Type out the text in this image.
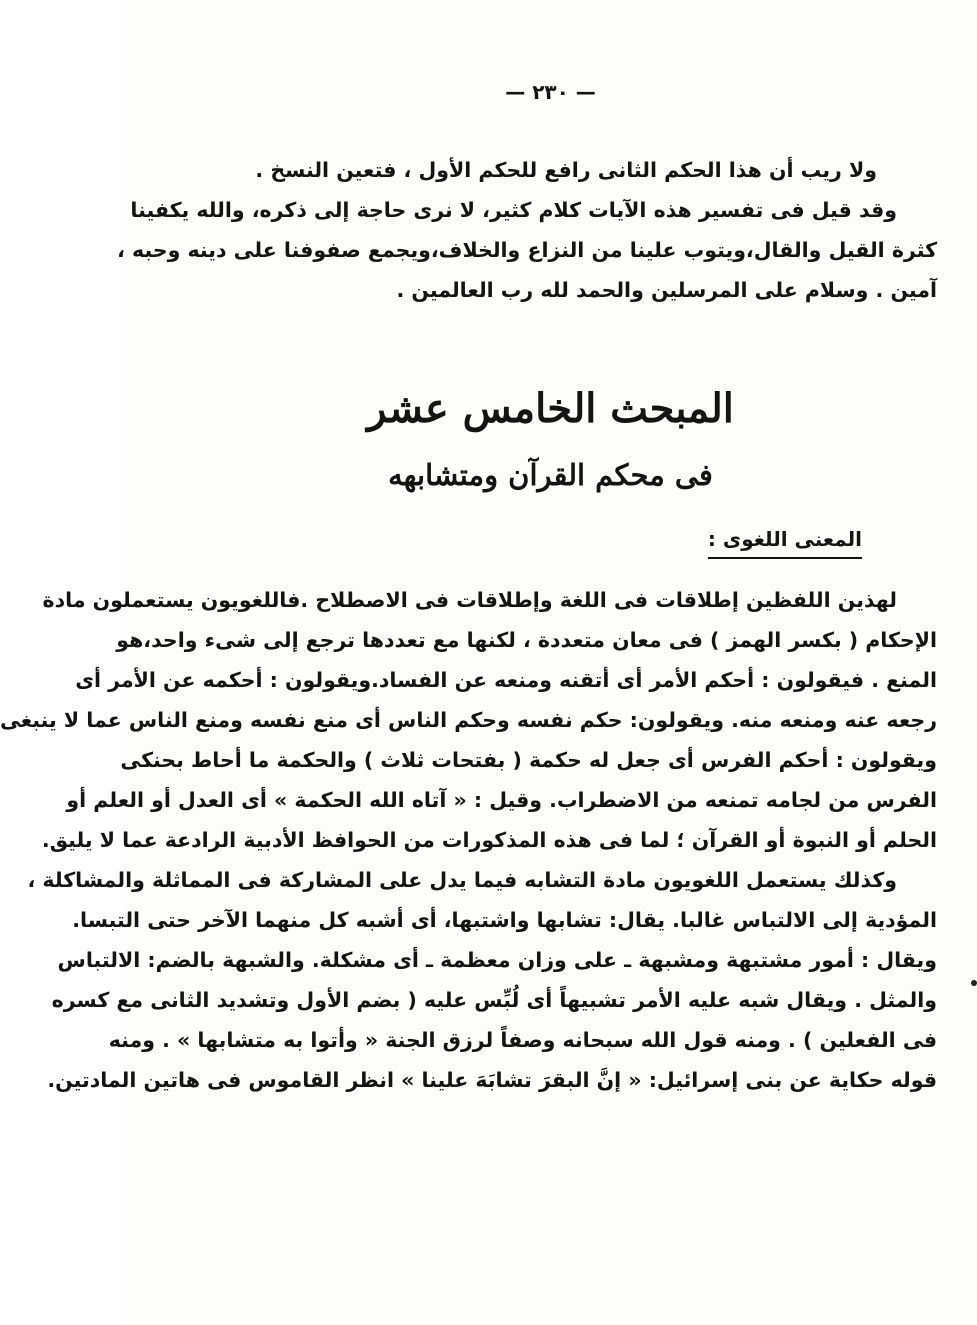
— ٢٣٠ —
ولا ريب أن هذا الحكم الثانى رافع للحكم الأول ، فتعين النسخ .
وقد قيل فى تفسير هذه الآيات كلام كثير، لا نرى حاجة إلى ذكره، والله يكفينا
كثرة القيل والقال،ويتوب علينا من النزاع والخلاف،ويجمع صفوفنا على دينه وحبه ،
آمين . وسلام على المرسلين والحمد لله رب العالمين .
المبحث الخامس عشر
فى محكم القرآن ومتشابهه
المعنى اللغوى :
لهذين اللفظين إطلاقات فى اللغة وإطلاقات فى الاصطلاح .فاللغويون يستعملون مادة
الإحكام ( بكسر الهمز ) فى معان متعددة ، لكنها مع تعددها ترجع إلى شىء واحد،هو
المنع . فيقولون : أحكم الأمر أى أتقنه ومنعه عن الفساد.ويقولون : أحكمه عن الأمر أى
رجعه عنه ومنعه منه. ويقولون: حكم نفسه وحكم الناس أى منع نفسه ومنع الناس عما لا ينبغى
ويقولون : أحكم الفرس أى جعل له حكمة ( بفتحات ثلاث ) والحكمة ما أحاط بحنكى
الفرس من لجامه تمنعه من الاضطراب. وقيل : « آتاه الله الحكمة » أى العدل أو العلم أو
الحلم أو النبوة أو القرآن ؛ لما فى هذه المذكورات من الحوافظ الأدبية الرادعة عما لا يليق.
وكذلك يستعمل اللغويون مادة التشابه فيما يدل على المشاركة فى المماثلة والمشاكلة ،
المؤدية إلى الالتباس غالبا. يقال: تشابها واشتبها، أى أشبه كل منهما الآخر حتى التبسا.
ويقال : أمور مشتبهة ومشبهة ـ على وزان معظمة ـ أى مشكلة. والشبهة بالضم: الالتباس
والمثل . ويقال شبه عليه الأمر تشبيهاً أى لُبِّس عليه ( بضم الأول وتشديد الثانى مع كسره
فى الفعلين ) . ومنه قول الله سبحانه وصفاً لرزق الجنة « وأتوا به متشابها » . ومنه
قوله حكاية عن بنى إسرائيل: « إنَّ البقرَ تشابَهَ علينا » انظر القاموس فى هاتين المادتين.
